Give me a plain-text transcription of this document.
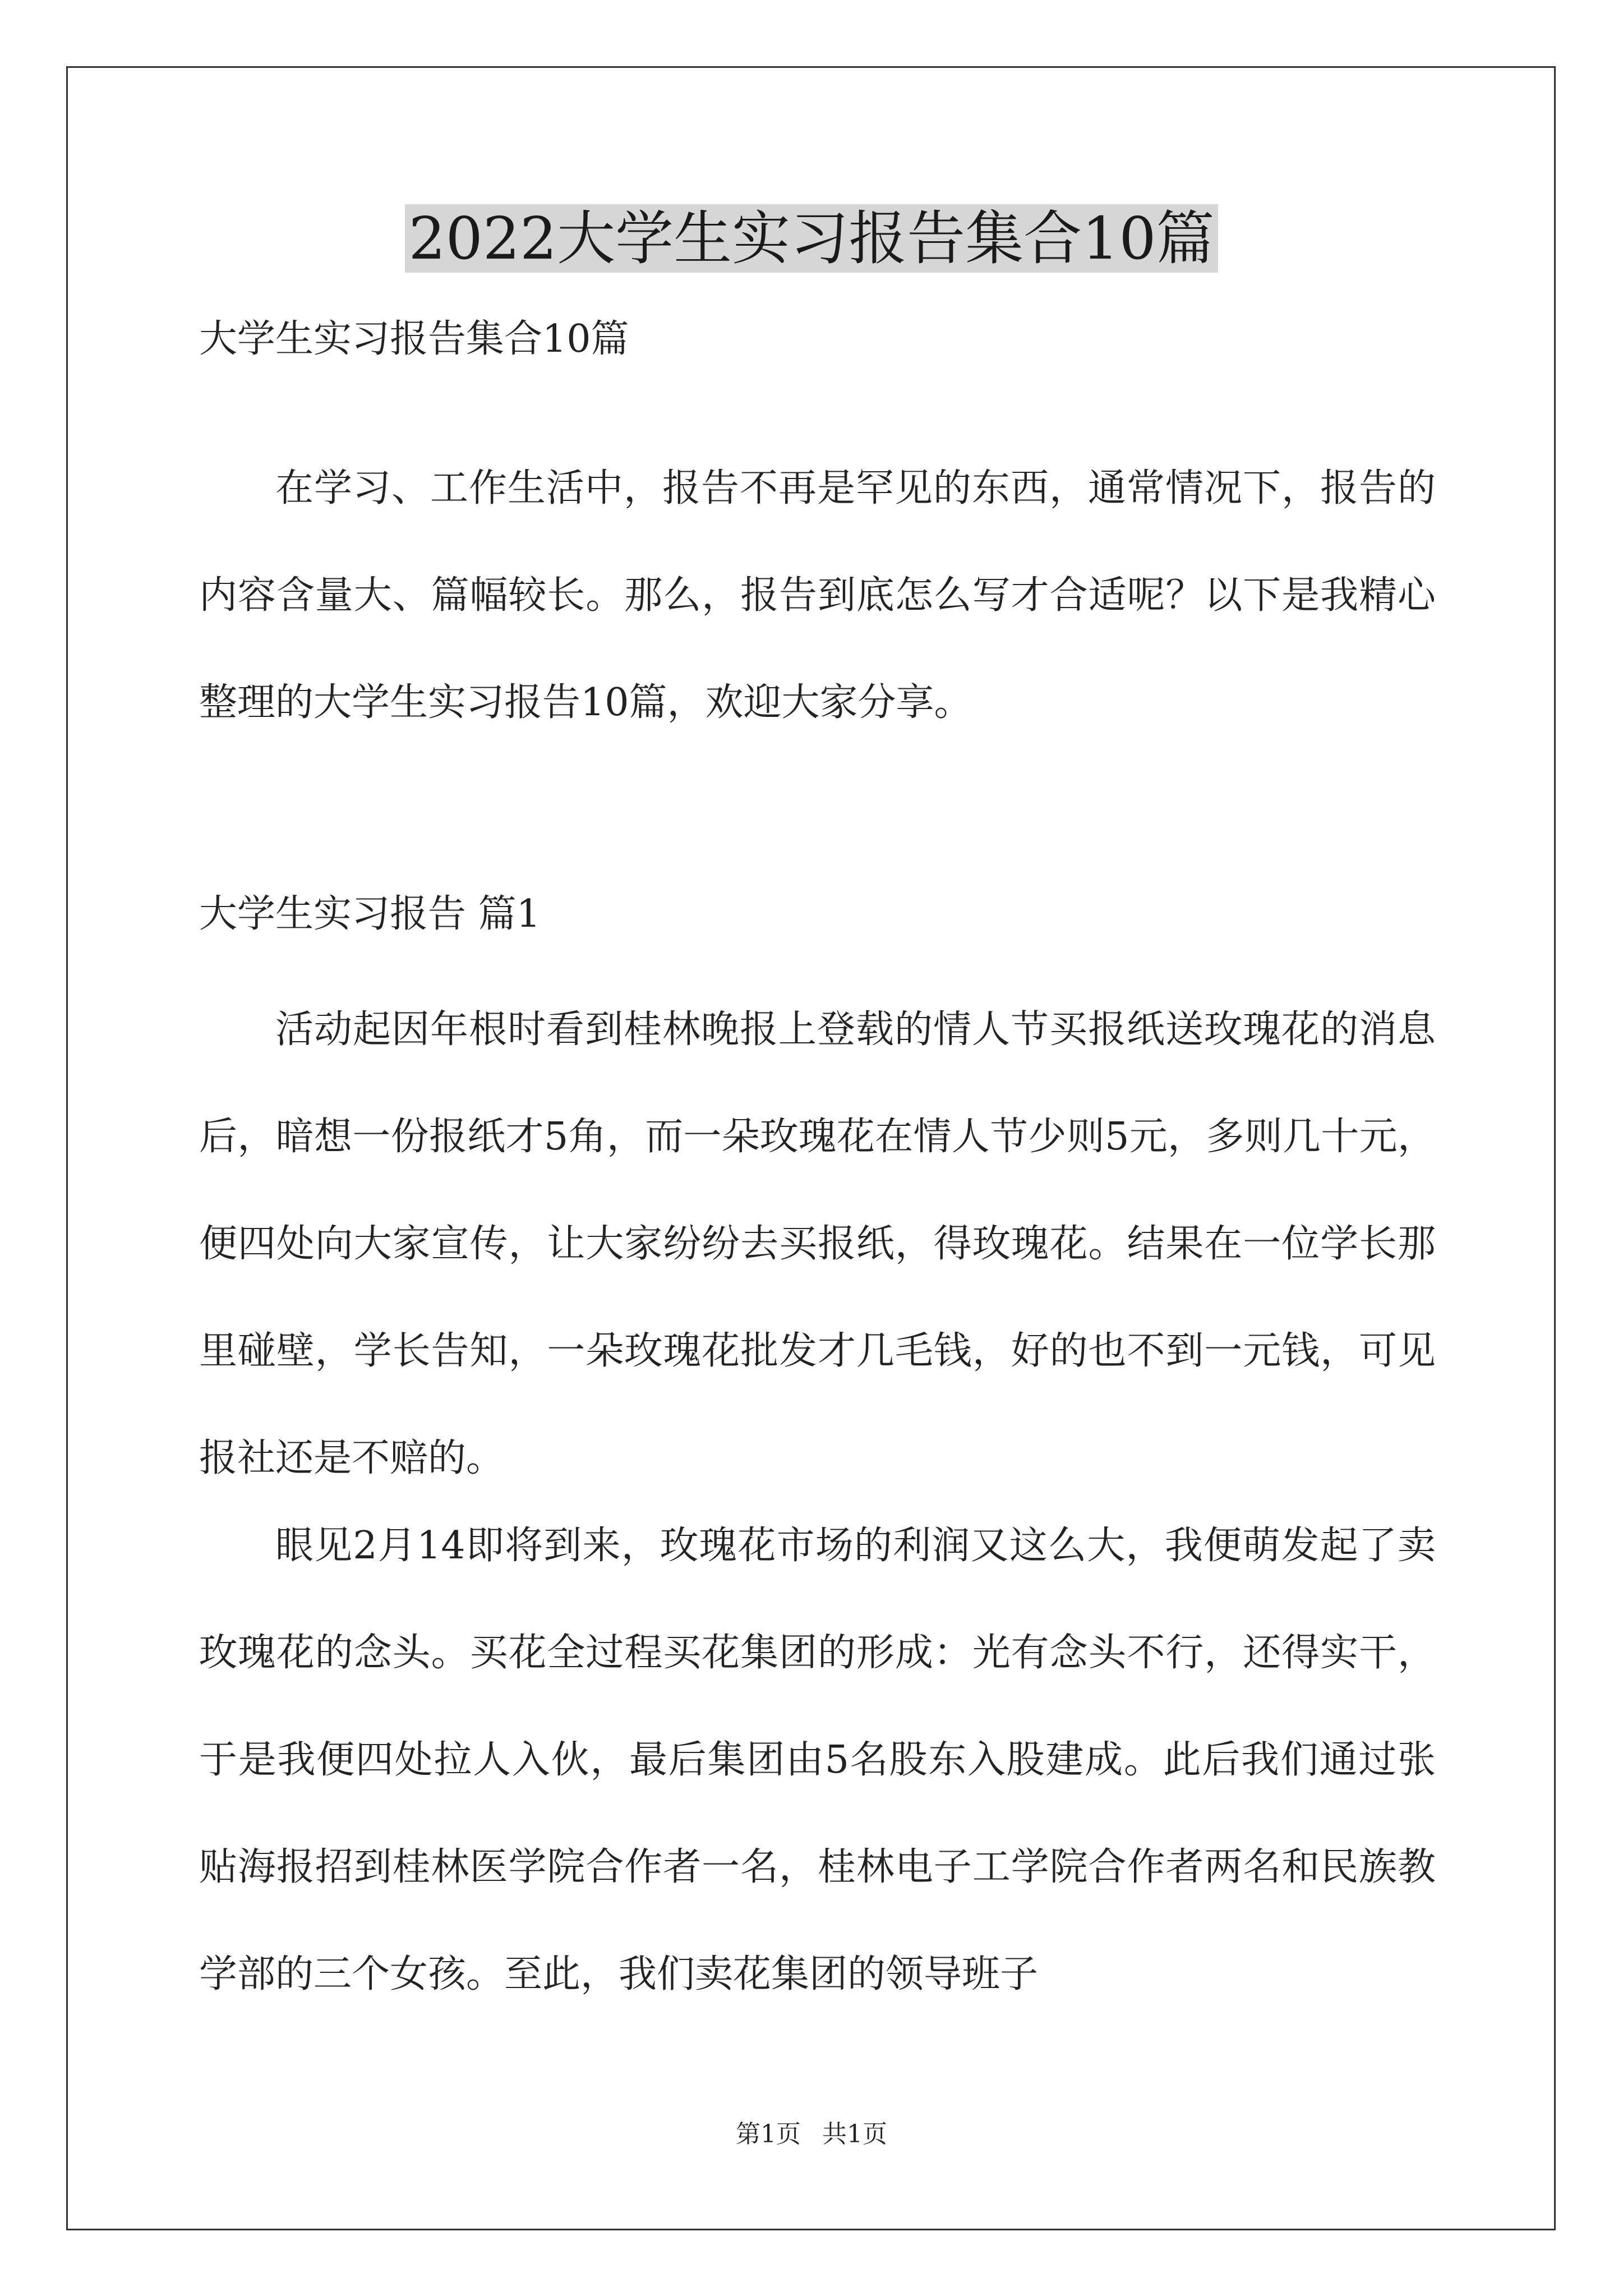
2022大学生实习报告集合10篇
大学生实习报告集合10篇

在学习、工作生活中，报告不再是罕见的东西，通常情况下，报告的内容含量大、篇幅较长。那么，报告到底怎么写才合适呢？以下是我精心整理的大学生实习报告10篇，欢迎大家分享。

大学生实习报告 篇1

活动起因年根时看到桂林晚报上登载的情人节买报纸送玫瑰花的消息后，暗想一份报纸才5角，而一朵玫瑰花在情人节少则5元，多则几十元，便四处向大家宣传，让大家纷纷去买报纸，得玫瑰花。结果在一位学长那里碰壁，学长告知，一朵玫瑰花批发才几毛钱，好的也不到一元钱，可见报社还是不赔的。

眼见2月14即将到来，玫瑰花市场的利润又这么大，我便萌发起了卖玫瑰花的念头。买花全过程买花集团的形成：光有念头不行，还得实干，于是我便四处拉人入伙，最后集团由5名股东入股建成。此后我们通过张贴海报招到桂林医学院合作者一名，桂林电子工学院合作者两名和民族教学部的三个女孩。至此，我们卖花集团的领导班子

第1页 共1页
